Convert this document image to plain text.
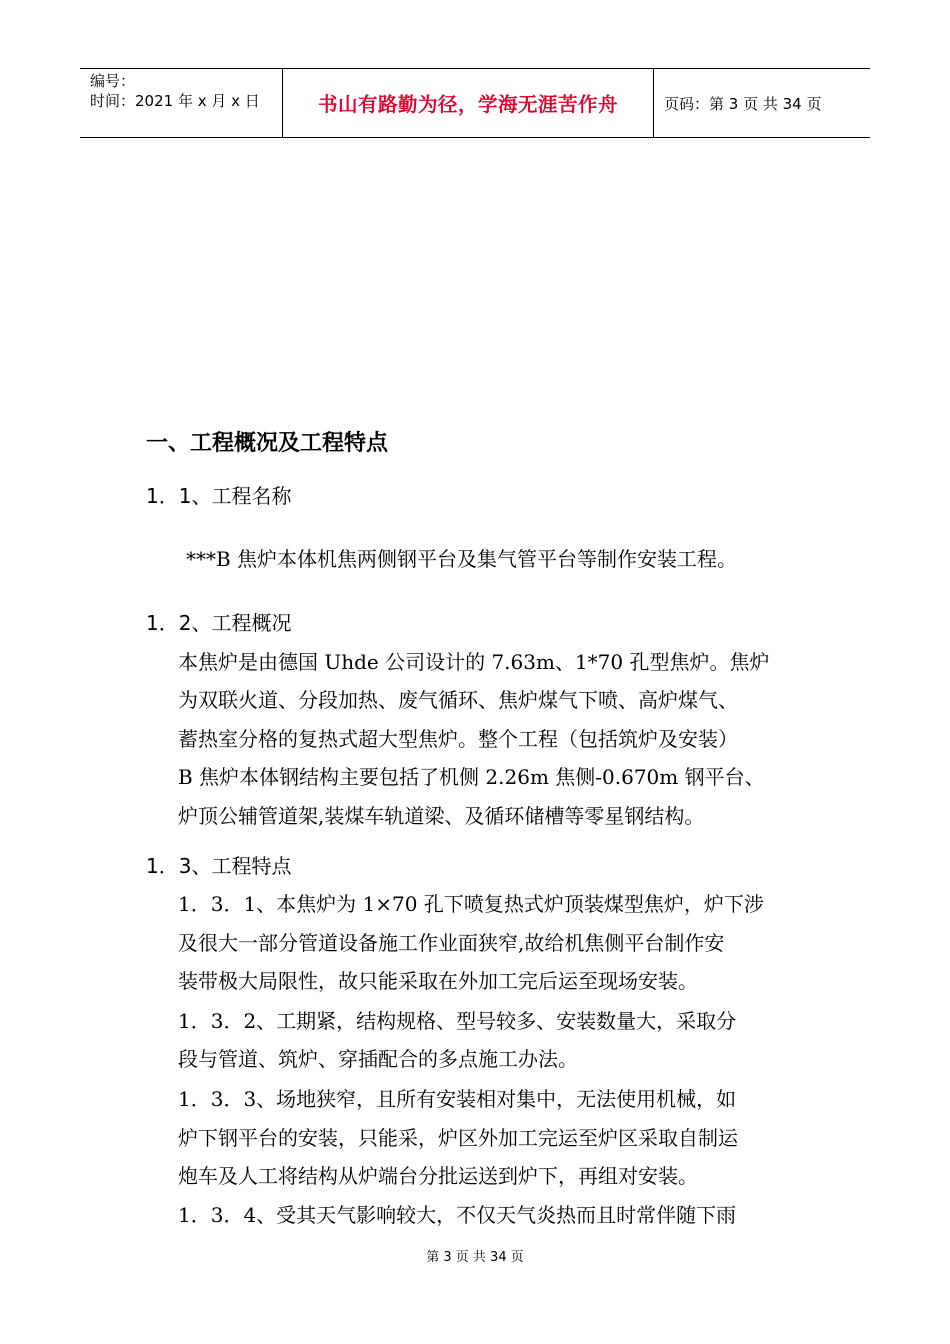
编号：
时间：2021 年 x 月 x 日	书山有路勤为径，学海无涯苦作舟	页码：第 3 页 共 34 页
一、工程概况及工程特点
1．1、工程名称
***B 焦炉本体机焦两侧钢平台及集气管平台等制作安装工程。
1．2、工程概况
本焦炉是由德国 Uhde 公司设计的 7.63m、1*70 孔型焦炉。焦炉
为双联火道、分段加热、废气循环、焦炉煤气下喷、高炉煤气、
蓄热室分格的复热式超大型焦炉。整个工程（包括筑炉及安装）
B 焦炉本体钢结构主要包括了机侧 2.26m 焦侧-0.670m 钢平台、
炉顶公辅管道架,装煤车轨道梁、及循环储槽等零星钢结构。
1．3、工程特点
1．3．1、本焦炉为 1×70 孔下喷复热式炉顶装煤型焦炉，炉下涉
及很大一部分管道设备施工作业面狭窄,故给机焦侧平台制作安
装带极大局限性，故只能采取在外加工完后运至现场安装。
1．3．2、工期紧，结构规格、型号较多、安装数量大，采取分
段与管道、筑炉、穿插配合的多点施工办法。
1．3．3、场地狭窄，且所有安装相对集中，无法使用机械，如
炉下钢平台的安装，只能采，炉区外加工完运至炉区采取自制运
炮车及人工将结构从炉端台分批运送到炉下，再组对安装。
1．3．4、受其天气影响较大，不仅天气炎热而且时常伴随下雨
第 3 页 共 34 页
